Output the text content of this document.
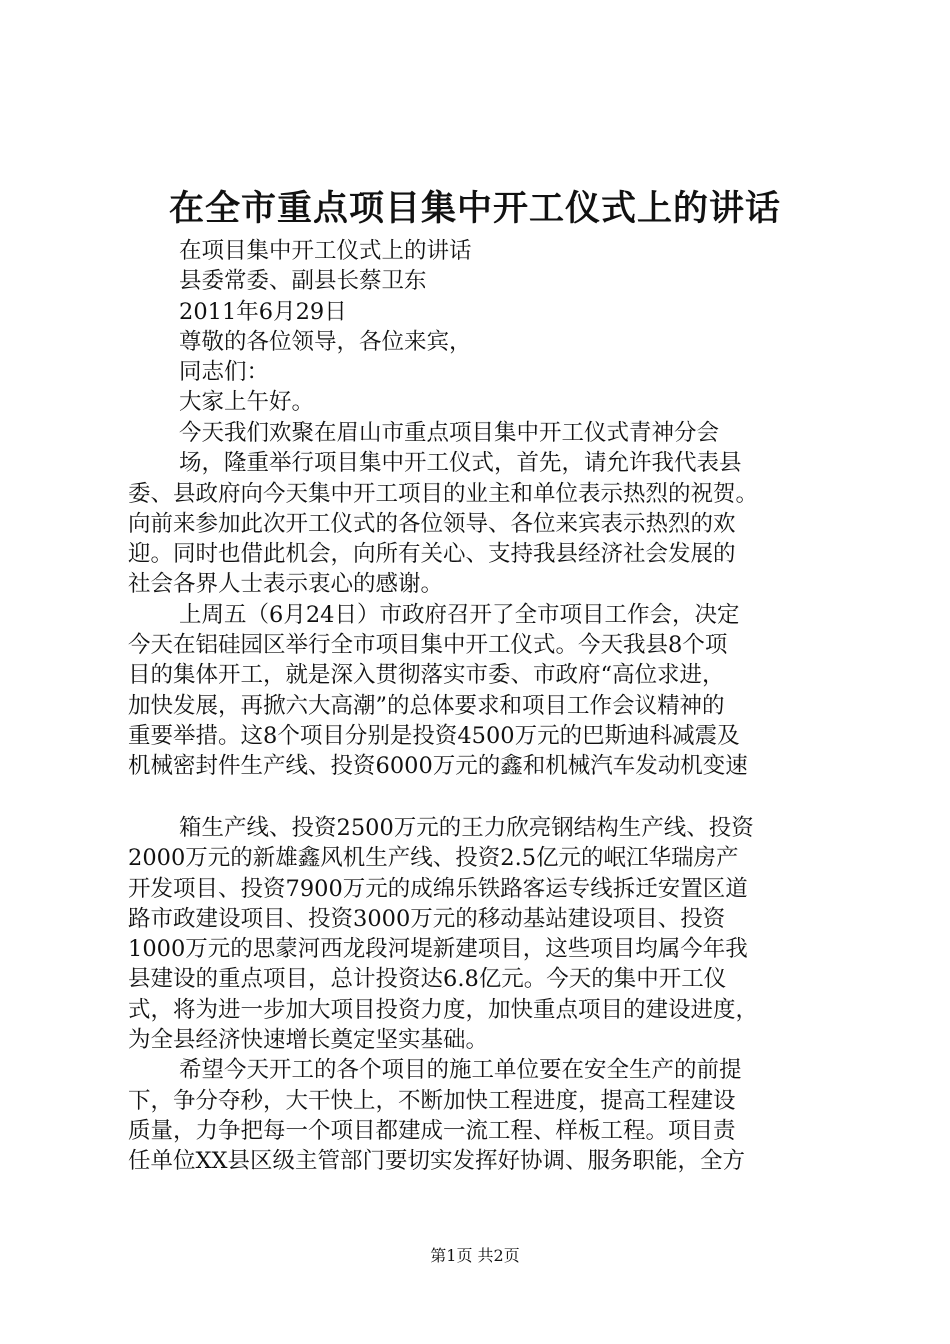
在全市重点项目集中开工仪式上的讲话
在项目集中开工仪式上的讲话
县委常委、副县长蔡卫东
2011年6月29日
尊敬的各位领导，各位来宾，
同志们：
大家上午好。
今天我们欢聚在眉山市重点项目集中开工仪式青神分会
场，隆重举行项目集中开工仪式，首先，请允许我代表县
委、县政府向今天集中开工项目的业主和单位表示热烈的祝贺。
向前来参加此次开工仪式的各位领导、各位来宾表示热烈的欢
迎。同时也借此机会，向所有关心、支持我县经济社会发展的
社会各界人士表示衷心的感谢。
上周五（6月24日）市政府召开了全市项目工作会，决定
今天在铝硅园区举行全市项目集中开工仪式。今天我县8个项
目的集体开工，就是深入贯彻落实市委、市政府“高位求进，
加快发展，再掀六大高潮”的总体要求和项目工作会议精神的
重要举措。这8个项目分别是投资4500万元的巴斯迪科减震及
机械密封件生产线、投资6000万元的鑫和机械汽车发动机变速
箱生产线、投资2500万元的王力欣亮钢结构生产线、投资
2000万元的新雄鑫风机生产线、投资2.5亿元的岷江华瑞房产
开发项目、投资7900万元的成绵乐铁路客运专线拆迁安置区道
路市政建设项目、投资3000万元的移动基站建设项目、投资
1000万元的思蒙河西龙段河堤新建项目，这些项目均属今年我
县建设的重点项目，总计投资达6.8亿元。今天的集中开工仪
式，将为进一步加大项目投资力度，加快重点项目的建设进度，
为全县经济快速增长奠定坚实基础。
希望今天开工的各个项目的施工单位要在安全生产的前提
下，争分夺秒，大干快上，不断加快工程进度，提高工程建设
质量，力争把每一个项目都建成一流工程、样板工程。项目责
任单位XX县区级主管部门要切实发挥好协调、服务职能，全方
第1页 共2页
